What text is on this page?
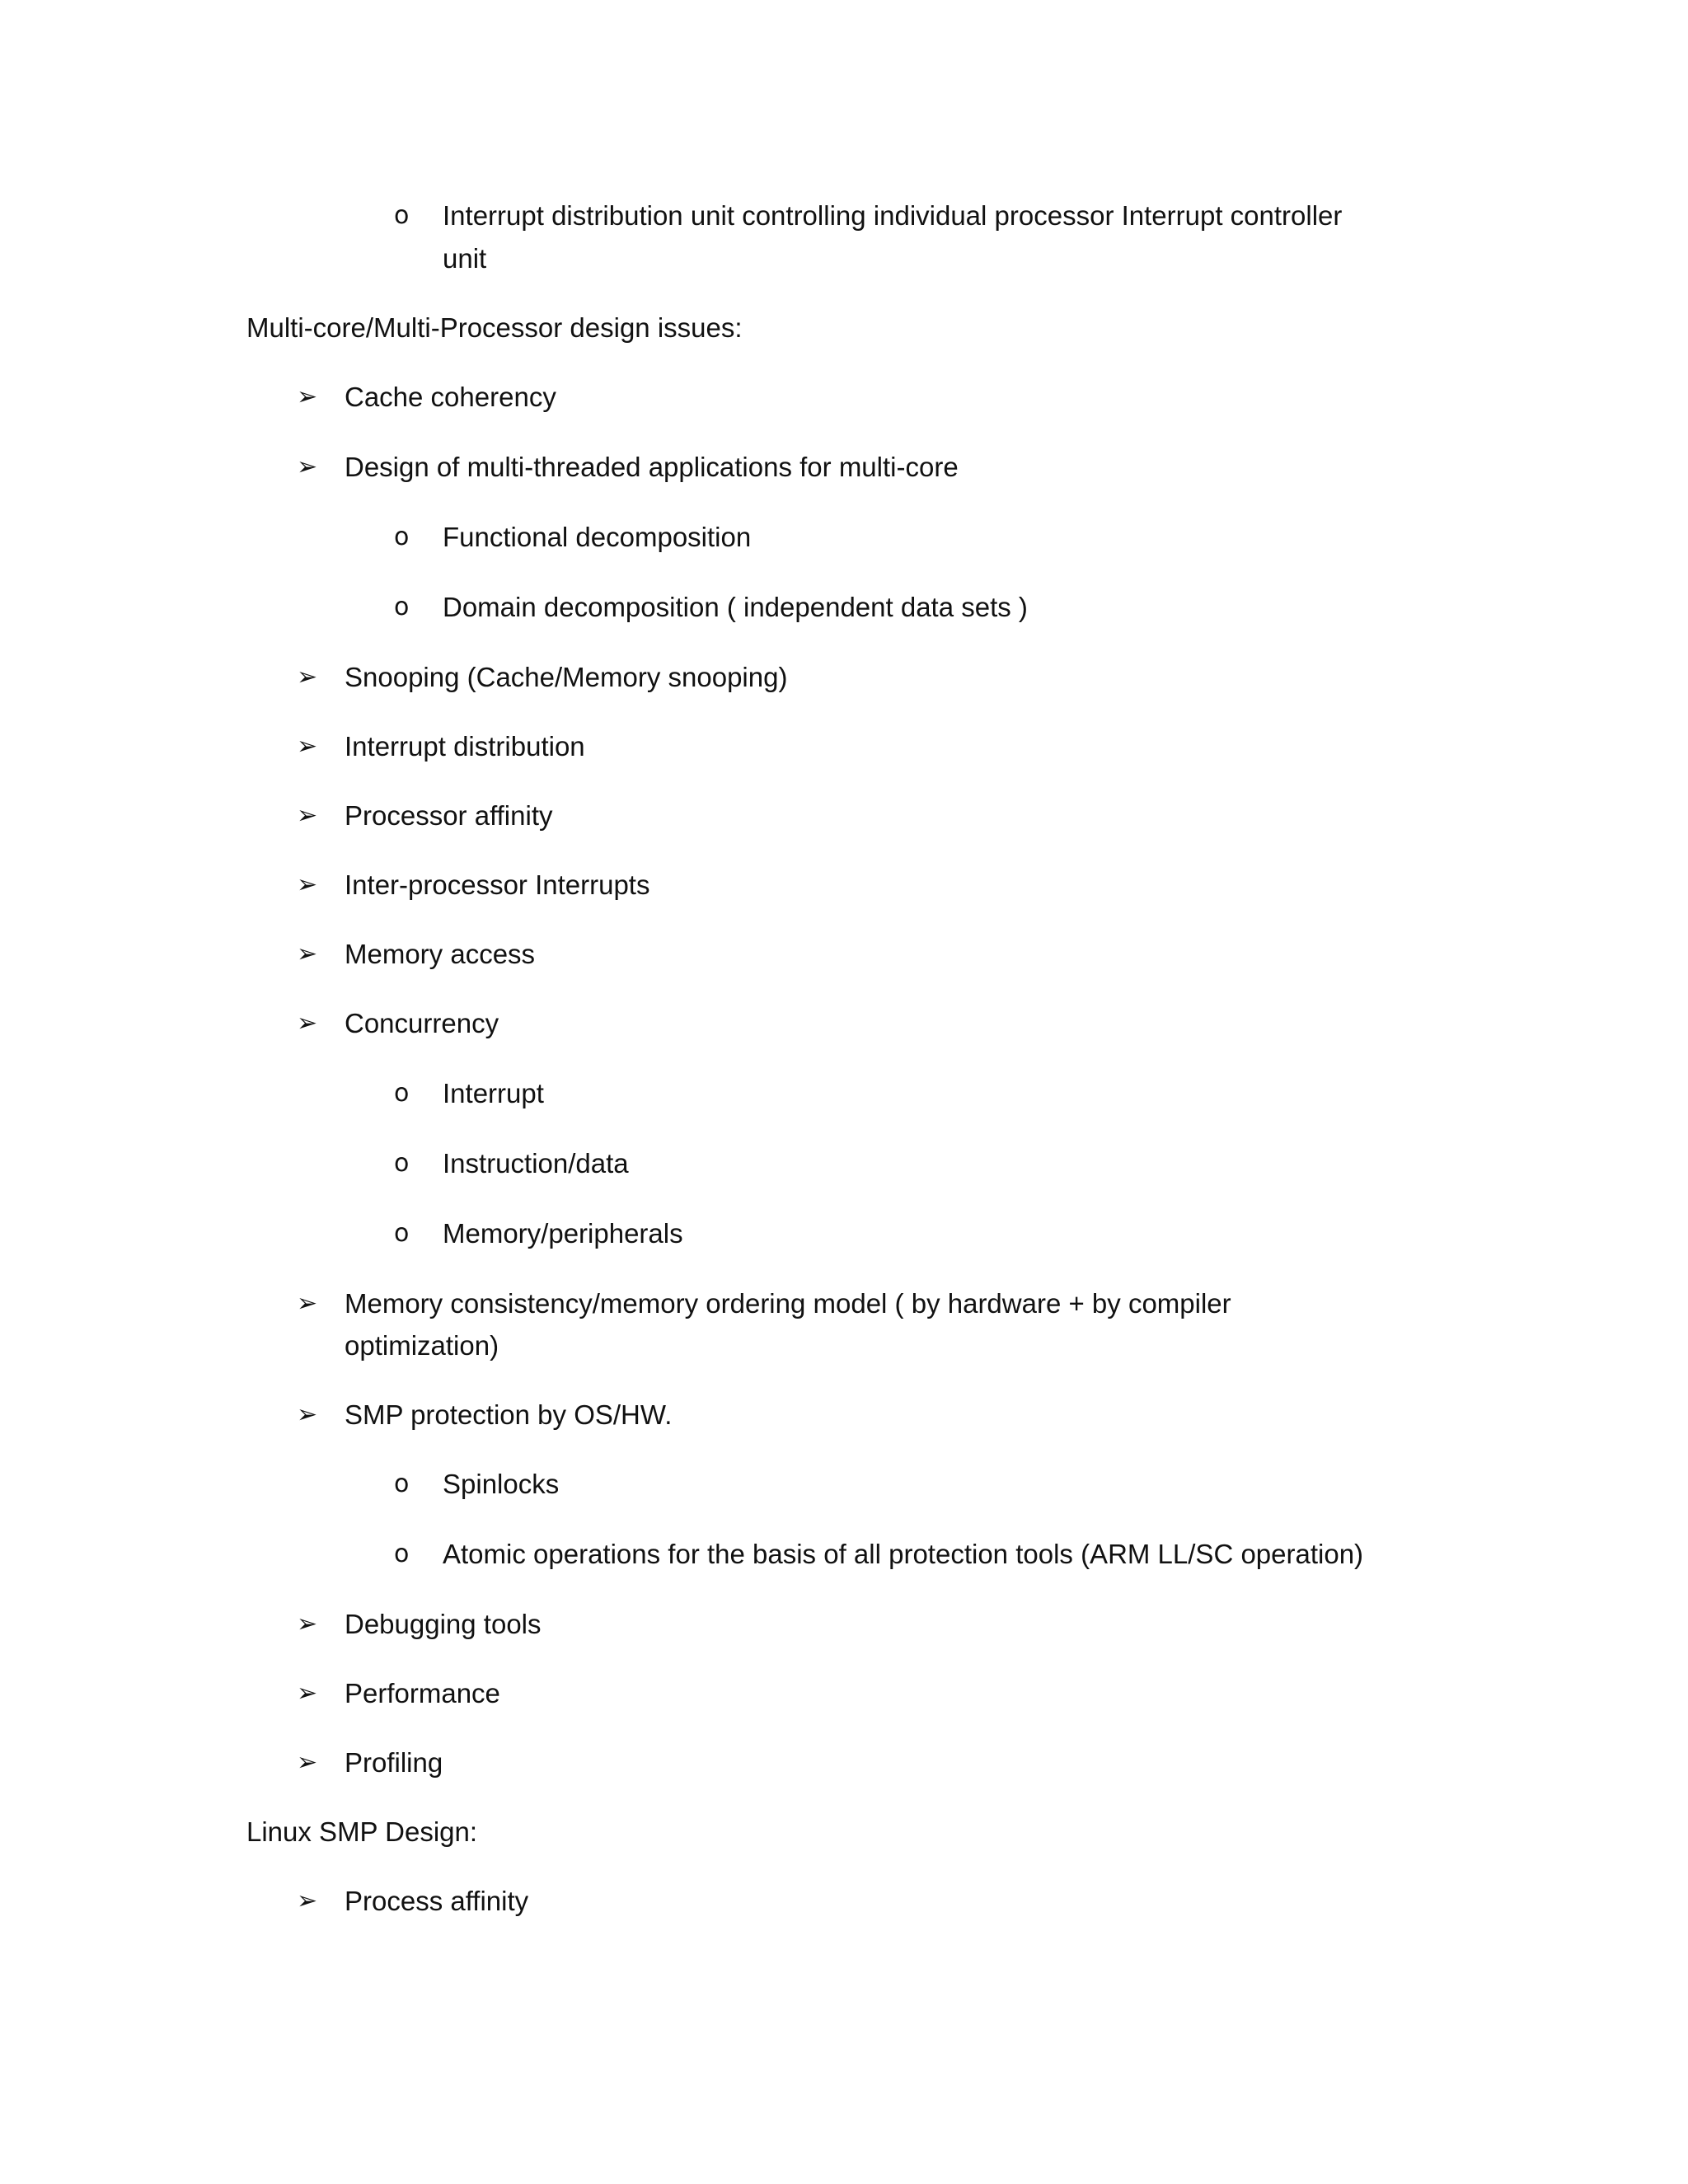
o Interrupt distribution unit controlling individual processor Interrupt controller
unit
Multi-core/Multi-Processor design issues:
➢ Cache coherency
➢ Design of multi-threaded applications for multi-core
o Functional decomposition
o Domain decomposition ( independent data sets )
➢ Snooping (Cache/Memory snooping)
➢ Interrupt distribution
➢ Processor affinity
➢ Inter-processor Interrupts
➢ Memory access
➢ Concurrency
o Interrupt
o Instruction/data
o Memory/peripherals
➢ Memory consistency/memory ordering model ( by hardware + by compiler
optimization)
➢ SMP protection by OS/HW.
o Spinlocks
o Atomic operations for the basis of all protection tools (ARM LL/SC operation)
➢ Debugging tools
➢ Performance
➢ Profiling
Linux SMP Design:
➢ Process affinity
